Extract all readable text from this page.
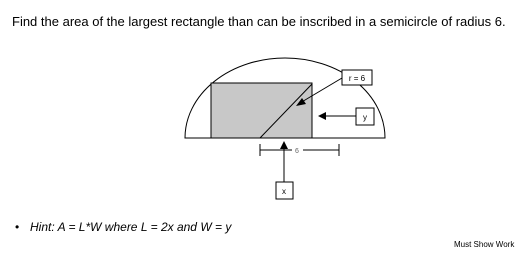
Find the area of the largest rectangle than can be inscribed in a semicircle of radius 6.
r = 6
y
6
x
• Hint: A = L*W where L = 2x and W = y
Must Show Work
